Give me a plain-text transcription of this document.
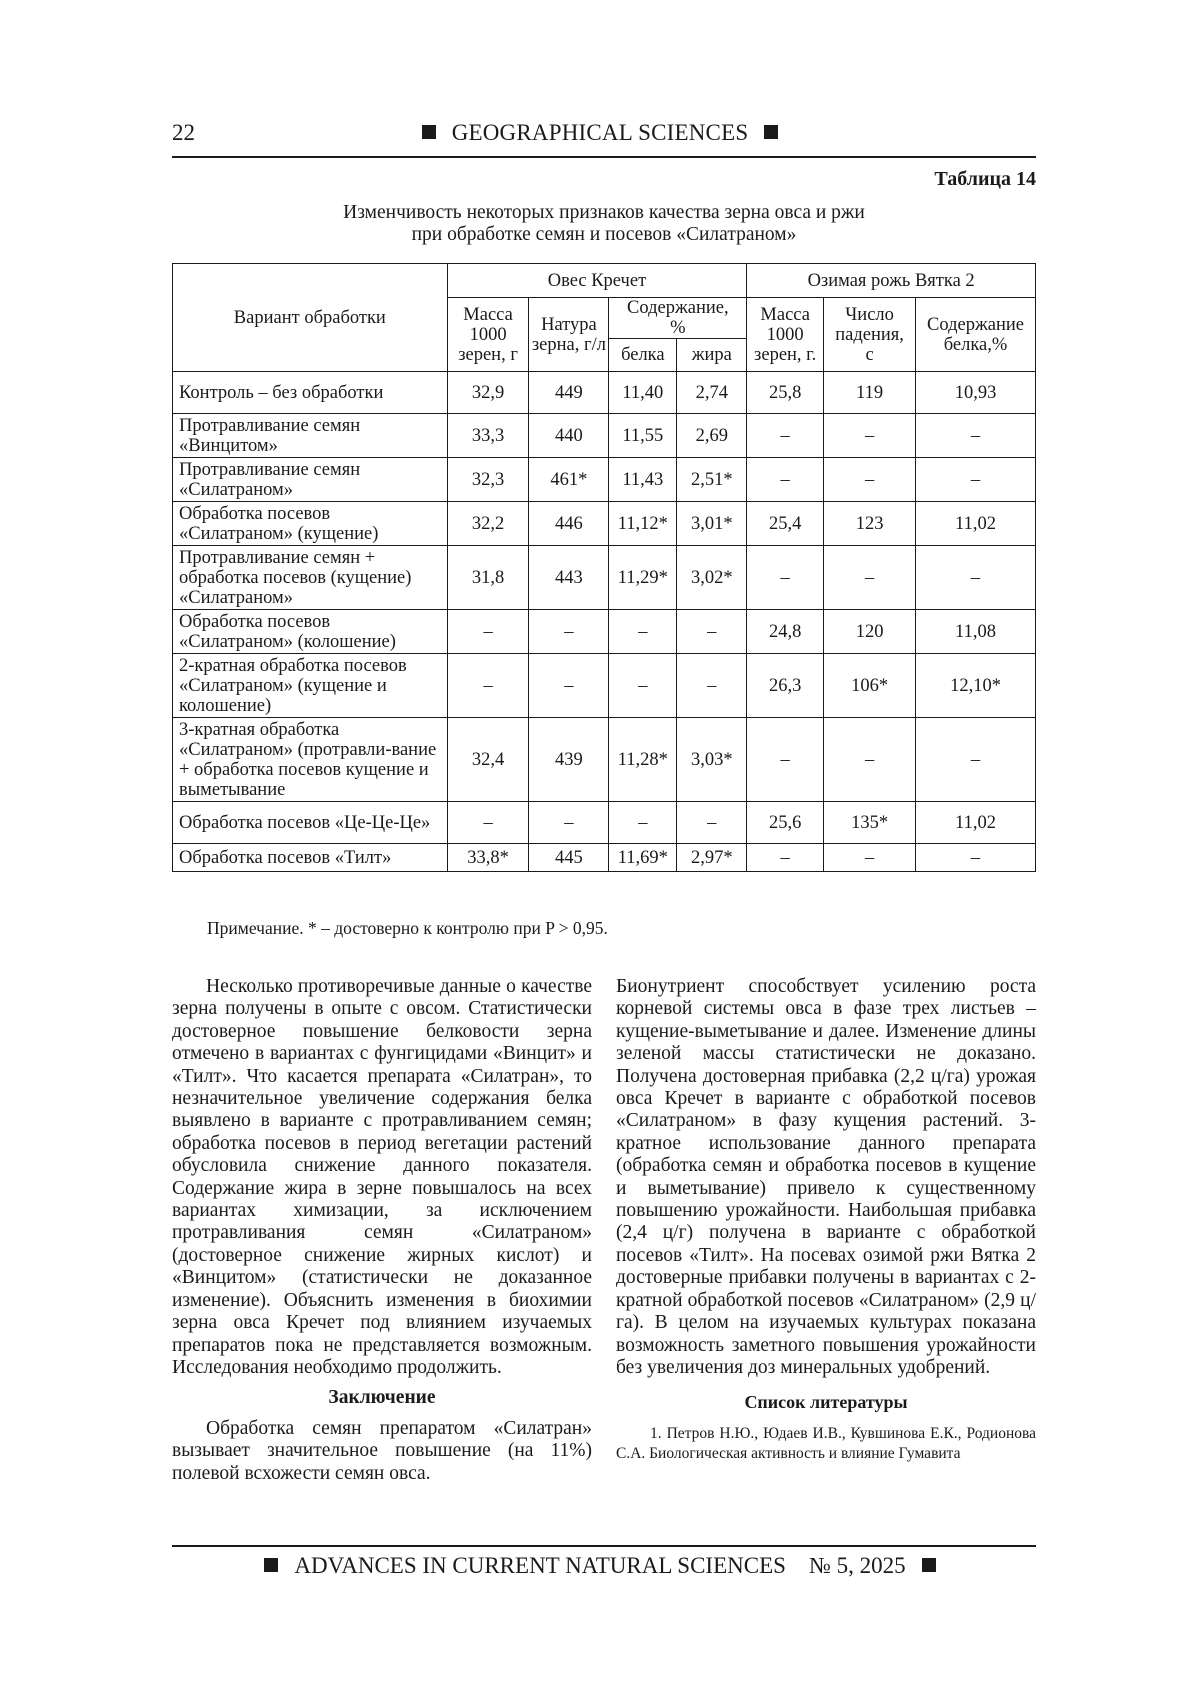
22	GEOGRAPHICAL SCIENCES
Таблица 14
Изменчивость некоторых признаков качества зерна овса и ржи
при обработке семян и посевов «Силатраном»
Вариант обработки	Овес Кречет				Озимая рожь Вятка 2		
	Масса 1000 зерен, г	Натура зерна, г/л	Содержание, %		Масса 1000 зерен, г.	Число падения, с	Содержание белка,%
			белка	жира			
Контроль – без обработки	32,9	449	11,40	2,74	25,8	119	10,93
Протравливание семян «Винцитом»	33,3	440	11,55	2,69	–	–	–
Протравливание семян «Силатраном»	32,3	461*	11,43	2,51*	–	–	–
Обработка посевов «Силатраном» (кущение)	32,2	446	11,12*	3,01*	25,4	123	11,02
Протравливание семян + обработка посевов (кущение) «Силатраном»	31,8	443	11,29*	3,02*	–	–	–
Обработка посевов «Силатраном» (колошение)	–	–	–	–	24,8	120	11,08
2-кратная обработка посевов «Силатраном» (кущение и колошение)	–	–	–	–	26,3	106*	12,10*
3-кратная обработка «Силатраном» (протравли-вание + обработка посевов кущение и выметывание	32,4	439	11,28*	3,03*	–	–	–
Обработка посевов «Це-Це-Це»	–	–	–	–	25,6	135*	11,02
Обработка посевов «Тилт»	33,8*	445	11,69*	2,97*	–	–	–
Примечание. * – достоверно к контролю при P > 0,95.

Несколько противоречивые данные о качестве зерна получены в опыте с овсом. Статистически достоверное повышение белковости зерна отмечено в вариантах с фунгицидами «Винцит» и «Тилт». Что касается препарата «Силатран», то незначительное увеличение содержания белка выявлено в варианте с протравливанием семян; обработка посевов в период вегетации растений обусловила снижение данного показателя. Содержание жира в зерне повышалось на всех вариантах химизации, за исключением протравливания семян «Силатраном» (достоверное снижение жирных кислот) и «Винцитом» (статистически не доказанное изменение). Объяснить изменения в биохимии зерна овса Кречет под влиянием изучаемых препаратов пока не представляется возможным. Исследования необходимо продолжить.

Заключение

Обработка семян препаратом «Силатран» вызывает значительное повышение (на 11%) полевой всхожести семян овса.

Бионутриент способствует усилению роста корневой системы овса в фазе трех листьев – кущение-выметывание и далее. Изменение длины зеленой массы статистически не доказано. Получена достоверная прибавка (2,2 ц/га) урожая овса Кречет в варианте с обработкой посевов «Силатраном» в фазу кущения растений. 3-кратное использование данного препарата (обработка семян и обработка посевов в кущение и выметывание) привело к существенному повышению урожайности. Наибольшая прибавка (2,4 ц/г) получена в варианте с обработкой посевов «Тилт». На посевах озимой ржи Вятка 2 достоверные прибавки получены в вариантах с 2-кратной обработкой посевов «Силатраном» (2,9 ц/га). В целом на изучаемых культурах показана возможность заметного повышения урожайности без увеличения доз минеральных удобрений.

Список литературы

1. Петров Н.Ю., Юдаев И.В., Кувшинова Е.К., Родионова С.А. Биологическая активность и влияние Гумавита

ADVANCES IN CURRENT NATURAL SCIENCES № 5, 2025
